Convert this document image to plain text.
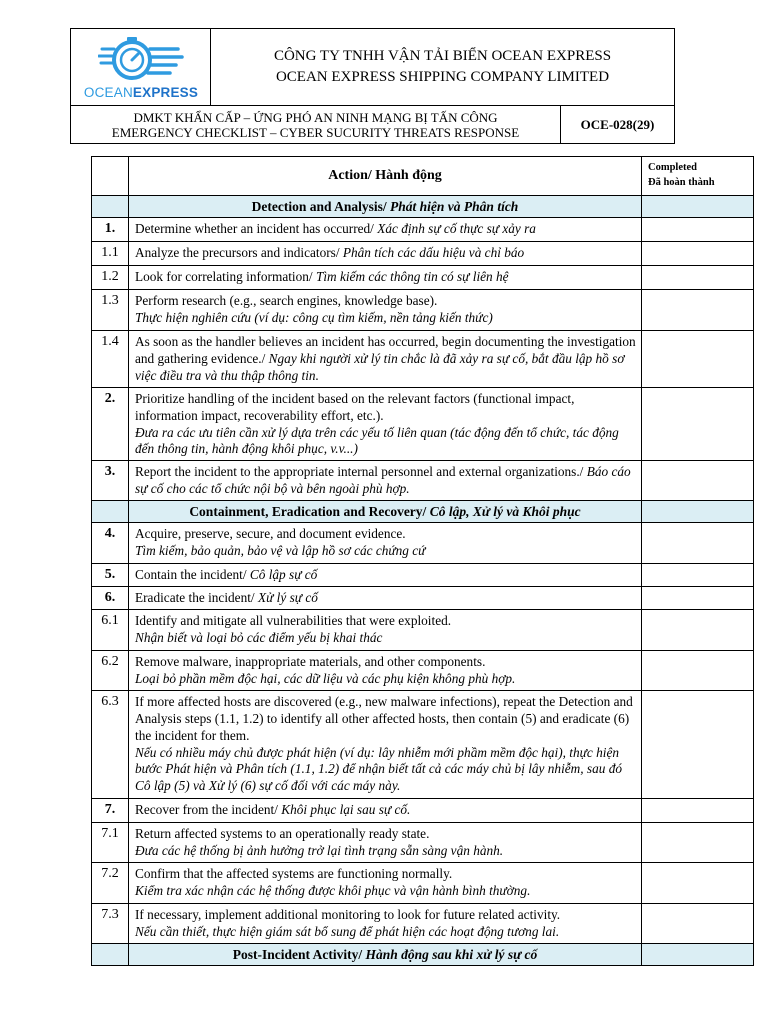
OCEANEXPRESS
CÔNG TY TNHH VẬN TẢI BIỂN OCEAN EXPRESS
OCEAN EXPRESS SHIPPING COMPANY LIMITED
DMKT KHẨN CẤP – ỨNG PHÓ AN NINH MẠNG BỊ TẤN CÔNG
EMERGENCY CHECKLIST – CYBER SUCURITY THREATS RESPONSE
OCE-028(29)
	Action/ Hành động	Completed
Đã hoàn thành

	Detection and Analysis/ Phát hiện và Phân tích	
1.	Determine whether an incident has occurred/ Xác định sự cố thực sự xảy ra	
1.1	Analyze the precursors and indicators/ Phân tích các dấu hiệu và chỉ báo	
1.2	Look for correlating information/ Tìm kiếm các thông tin có sự liên hệ	
1.3	Perform research (e.g., search engines, knowledge base).
Thực hiện nghiên cứu (ví dụ: công cụ tìm kiếm, nền tảng kiến thức)	
1.4	As soon as the handler believes an incident has occurred, begin documenting the investigation and gathering evidence./ Ngay khi người xử lý tin chắc là đã xảy ra sự cố, bắt đầu lập hồ sơ việc điều tra và thu thập thông tin.	
2.	Prioritize handling of the incident based on the relevant factors (functional impact, information impact, recoverability effort, etc.).
Đưa ra các ưu tiên cần xử lý dựa trên các yếu tố liên quan (tác động đến tổ chức, tác động đến thông tin, hành động khôi phục, v.v...)	
3.	Report the incident to the appropriate internal personnel and external organizations./ Báo cáo sự cố cho các tổ chức nội bộ và bên ngoài phù hợp.	
	Containment, Eradication and Recovery/ Cô lập, Xử lý và Khôi phục	
4.	Acquire, preserve, secure, and document evidence.
Tìm kiếm, bảo quản, bảo vệ và lập hồ sơ các chứng cứ	
5.	Contain the incident/ Cô lập sự cố	
6.	Eradicate the incident/ Xử lý sự cố	
6.1	Identify and mitigate all vulnerabilities that were exploited.
Nhận biết và loại bỏ các điểm yếu bị khai thác	
6.2	Remove malware, inappropriate materials, and other components.
Loại bỏ phần mềm độc hại, các dữ liệu và các phụ kiện không phù hợp.	
6.3	If more affected hosts are discovered (e.g., new malware infections), repeat the Detection and Analysis steps (1.1, 1.2) to identify all other affected hosts, then contain (5) and eradicate (6) the incident for them.
Nếu có nhiều máy chủ được phát hiện (ví dụ: lây nhiễm mới phầm mềm độc hại), thực hiện bước Phát hiện và Phân tích (1.1, 1.2) để nhận biết tất cả các máy chủ bị lây nhiễm, sau đó Cô lập (5) và Xử lý (6) sự cố đối với các máy này.	
7.	Recover from the incident/ Khôi phục lại sau sự cố.	
7.1	Return affected systems to an operationally ready state.
Đưa các hệ thống bị ảnh hưởng trở lại tình trạng sẵn sàng vận hành.	
7.2	Confirm that the affected systems are functioning normally.
Kiểm tra xác nhận các hệ thống được khôi phục và vận hành bình thường.	
7.3	If necessary, implement additional monitoring to look for future related activity.
Nếu cần thiết, thực hiện giám sát bổ sung để phát hiện các hoạt động tương lai.	
	Post-Incident Activity/ Hành động sau khi xử lý sự cố	
